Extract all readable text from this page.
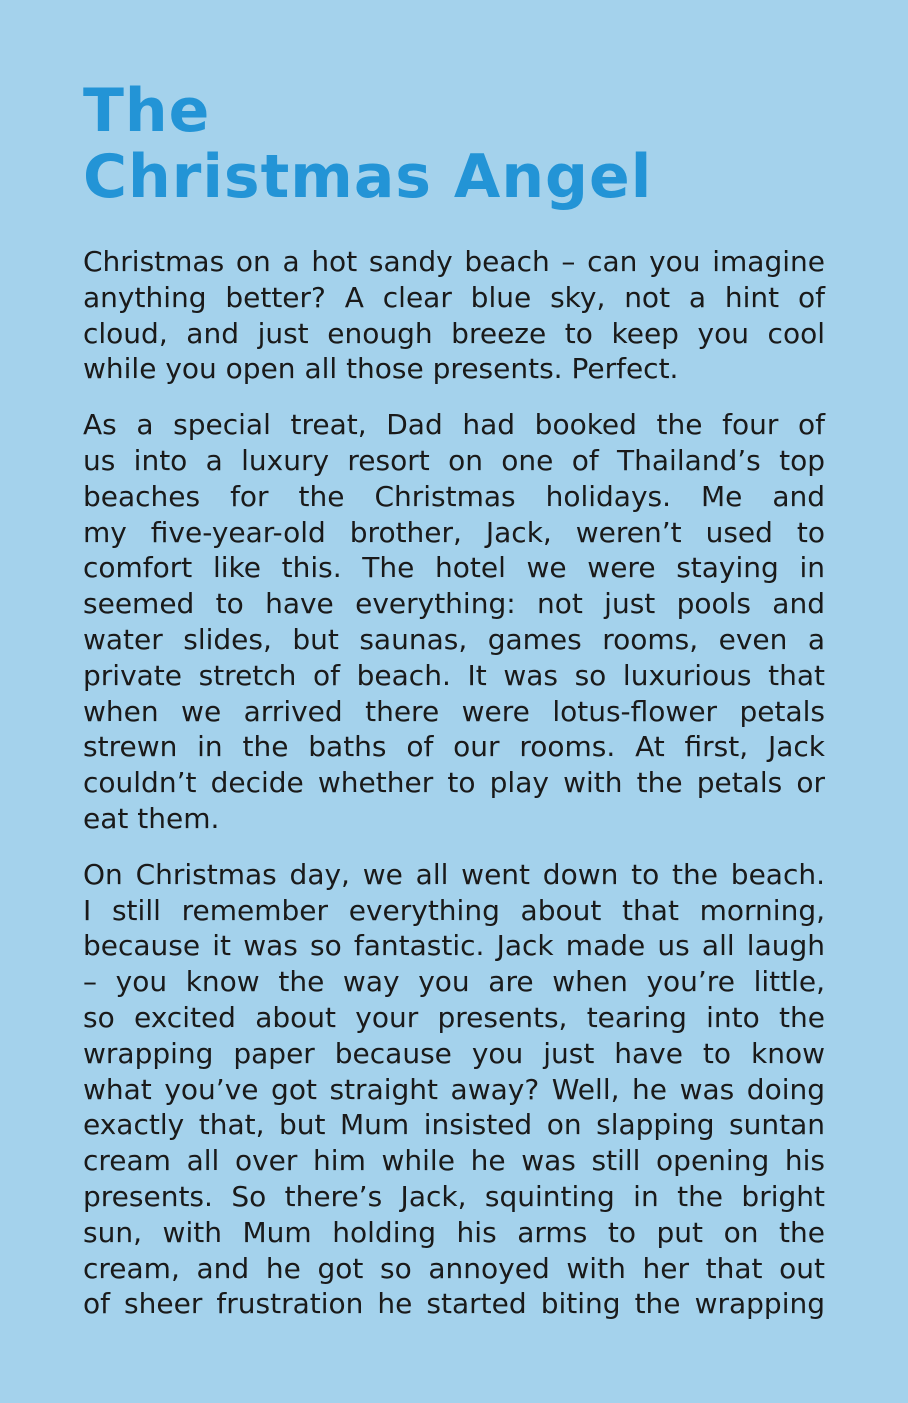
The
Christmas Angel

Christmas on a hot sandy beach – can you imagine
anything better? A clear blue sky, not a hint of
cloud, and just enough breeze to keep you cool
while you open all those presents. Perfect.

As a special treat, Dad had booked the four of
us into a luxury resort on one of Thailand’s top
beaches for the Christmas holidays. Me and
my five-year-old brother, Jack, weren’t used to
comfort like this. The hotel we were staying in
seemed to have everything: not just pools and
water slides, but saunas, games rooms, even a
private stretch of beach. It was so luxurious that
when we arrived there were lotus-flower petals
strewn in the baths of our rooms. At first, Jack
couldn’t decide whether to play with the petals or
eat them.

On Christmas day, we all went down to the beach.
I still remember everything about that morning,
because it was so fantastic. Jack made us all laugh
– you know the way you are when you’re little,
so excited about your presents, tearing into the
wrapping paper because you just have to know
what you’ve got straight away? Well, he was doing
exactly that, but Mum insisted on slapping suntan
cream all over him while he was still opening his
presents. So there’s Jack, squinting in the bright
sun, with Mum holding his arms to put on the
cream, and he got so annoyed with her that out
of sheer frustration he started biting the wrapping
